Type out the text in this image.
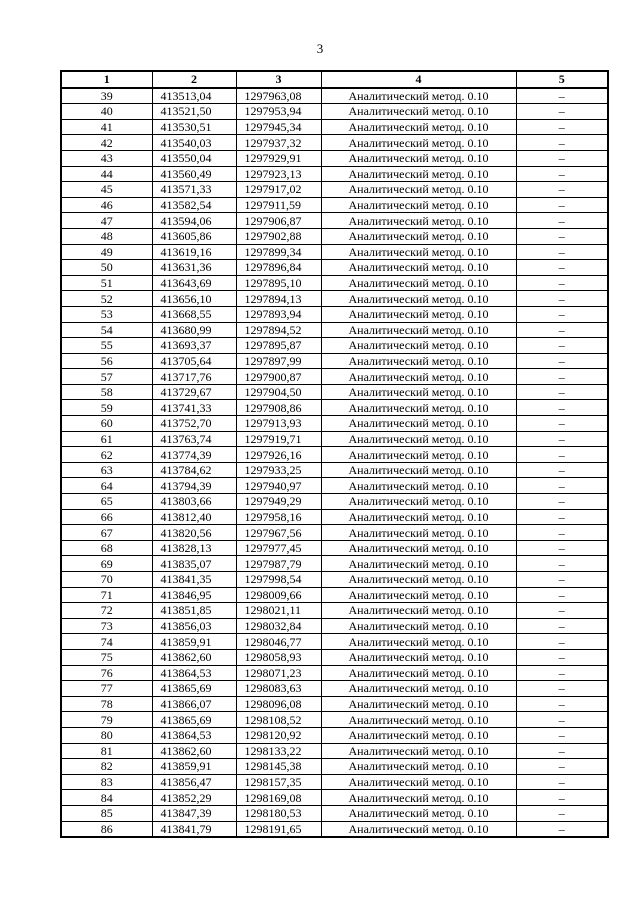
3
1	2	3	4	5
39	413513,04	1297963,08	Аналитический метод. 0.10	–
40	413521,50	1297953,94	Аналитический метод. 0.10	–
41	413530,51	1297945,34	Аналитический метод. 0.10	–
42	413540,03	1297937,32	Аналитический метод. 0.10	–
43	413550,04	1297929,91	Аналитический метод. 0.10	–
44	413560,49	1297923,13	Аналитический метод. 0.10	–
45	413571,33	1297917,02	Аналитический метод. 0.10	–
46	413582,54	1297911,59	Аналитический метод. 0.10	–
47	413594,06	1297906,87	Аналитический метод. 0.10	–
48	413605,86	1297902,88	Аналитический метод. 0.10	–
49	413619,16	1297899,34	Аналитический метод. 0.10	–
50	413631,36	1297896,84	Аналитический метод. 0.10	–
51	413643,69	1297895,10	Аналитический метод. 0.10	–
52	413656,10	1297894,13	Аналитический метод. 0.10	–
53	413668,55	1297893,94	Аналитический метод. 0.10	–
54	413680,99	1297894,52	Аналитический метод. 0.10	–
55	413693,37	1297895,87	Аналитический метод. 0.10	–
56	413705,64	1297897,99	Аналитический метод. 0.10	–
57	413717,76	1297900,87	Аналитический метод. 0.10	–
58	413729,67	1297904,50	Аналитический метод. 0.10	–
59	413741,33	1297908,86	Аналитический метод. 0.10	–
60	413752,70	1297913,93	Аналитический метод. 0.10	–
61	413763,74	1297919,71	Аналитический метод. 0.10	–
62	413774,39	1297926,16	Аналитический метод. 0.10	–
63	413784,62	1297933,25	Аналитический метод. 0.10	–
64	413794,39	1297940,97	Аналитический метод. 0.10	–
65	413803,66	1297949,29	Аналитический метод. 0.10	–
66	413812,40	1297958,16	Аналитический метод. 0.10	–
67	413820,56	1297967,56	Аналитический метод. 0.10	–
68	413828,13	1297977,45	Аналитический метод. 0.10	–
69	413835,07	1297987,79	Аналитический метод. 0.10	–
70	413841,35	1297998,54	Аналитический метод. 0.10	–
71	413846,95	1298009,66	Аналитический метод. 0.10	–
72	413851,85	1298021,11	Аналитический метод. 0.10	–
73	413856,03	1298032,84	Аналитический метод. 0.10	–
74	413859,91	1298046,77	Аналитический метод. 0.10	–
75	413862,60	1298058,93	Аналитический метод. 0.10	–
76	413864,53	1298071,23	Аналитический метод. 0.10	–
77	413865,69	1298083,63	Аналитический метод. 0.10	–
78	413866,07	1298096,08	Аналитический метод. 0.10	–
79	413865,69	1298108,52	Аналитический метод. 0.10	–
80	413864,53	1298120,92	Аналитический метод. 0.10	–
81	413862,60	1298133,22	Аналитический метод. 0.10	–
82	413859,91	1298145,38	Аналитический метод. 0.10	–
83	413856,47	1298157,35	Аналитический метод. 0.10	–
84	413852,29	1298169,08	Аналитический метод. 0.10	–
85	413847,39	1298180,53	Аналитический метод. 0.10	–
86	413841,79	1298191,65	Аналитический метод. 0.10	–
